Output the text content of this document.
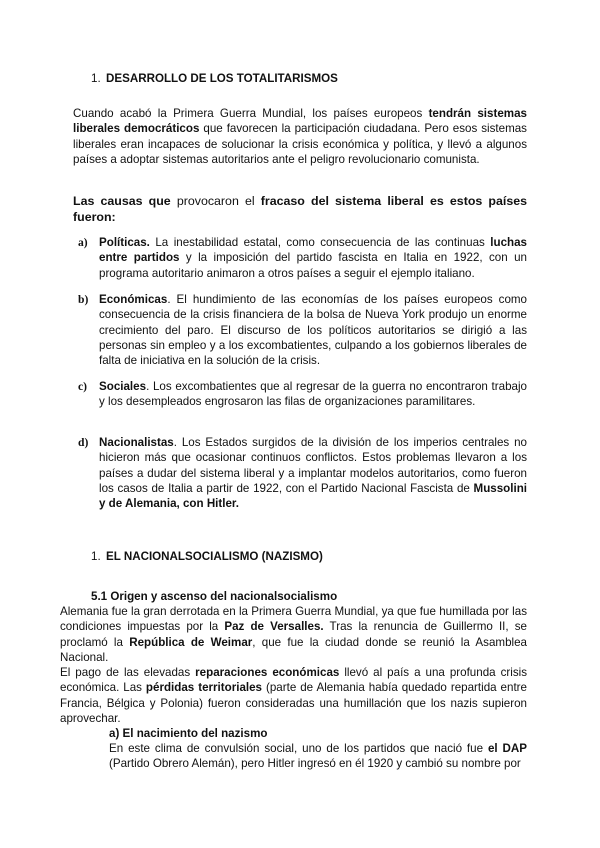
1. DESARROLLO DE LOS TOTALITARISMOS
Cuando acabó la Primera Guerra Mundial, los países europeos tendrán sistemas liberales democráticos que favorecen la participación ciudadana. Pero esos sistemas liberales eran incapaces de solucionar la crisis económica y política, y llevó a algunos países a adoptar sistemas autoritarios ante el peligro revolucionario comunista.
Las causas que provocaron el fracaso del sistema liberal es estos países fueron:
a) Políticas. La inestabilidad estatal, como consecuencia de las continuas luchas entre partidos y la imposición del partido fascista en Italia en 1922, con un programa autoritario animaron a otros países a seguir el ejemplo italiano.
b) Económicas. El hundimiento de las economías de los países europeos como consecuencia de la crisis financiera de la bolsa de Nueva York produjo un enorme crecimiento del paro. El discurso de los políticos autoritarios se dirigió a las personas sin empleo y a los excombatientes, culpando a los gobiernos liberales de falta de iniciativa en la solución de la crisis.
c) Sociales. Los excombatientes que al regresar de la guerra no encontraron trabajo y los desempleados engrosaron las filas de organizaciones paramilitares.
d) Nacionalistas. Los Estados surgidos de la división de los imperios centrales no hicieron más que ocasionar continuos conflictos. Estos problemas llevaron a los países a dudar del sistema liberal y a implantar modelos autoritarios, como fueron los casos de Italia a partir de 1922, con el Partido Nacional Fascista de Mussolini y de Alemania, con Hitler.
1. EL NACIONALSOCIALISMO (NAZISMO)
5.1 Origen y ascenso del nacionalsocialismo
Alemania fue la gran derrotada en la Primera Guerra Mundial, ya que fue humillada por las condiciones impuestas por la Paz de Versalles. Tras la renuncia de Guillermo II, se proclamó la República de Weimar, que fue la ciudad donde se reunió la Asamblea Nacional.
El pago de las elevadas reparaciones económicas llevó al país a una profunda crisis económica. Las pérdidas territoriales (parte de Alemania había quedado repartida entre Francia, Bélgica y Polonia) fueron consideradas una humillación que los nazis supieron aprovechar.
a) El nacimiento del nazismo
En este clima de convulsión social, uno de los partidos que nació fue el DAP (Partido Obrero Alemán), pero Hitler ingresó en él 1920 y cambió su nombre por
